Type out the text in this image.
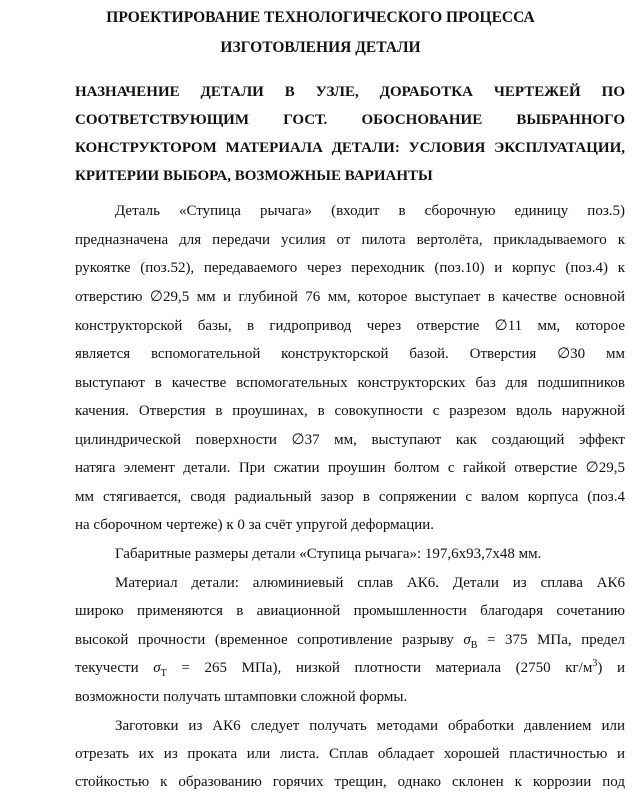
ПРОЕКТИРОВАНИЕ ТЕХНОЛОГИЧЕСКОГО ПРОЦЕССА
ИЗГОТОВЛЕНИЯ ДЕТАЛИ
НАЗНАЧЕНИЕ ДЕТАЛИ В УЗЛЕ, ДОРАБОТКА ЧЕРТЕЖЕЙ ПО
СООТВЕТСТВУЮЩИМ ГОСТ. ОБОСНОВАНИЕ ВЫБРАННОГО
КОНСТРУКТОРОМ МАТЕРИАЛА ДЕТАЛИ: УСЛОВИЯ ЭКСПЛУАТАЦИИ,
КРИТЕРИИ ВЫБОРА, ВОЗМОЖНЫЕ ВАРИАНТЫ
Деталь «Ступица рычага» (входит в сборочную единицу поз.5)
предназначена для передачи усилия от пилота вертолёта, прикладываемого к
рукоятке (поз.52), передаваемого через переходник (поз.10) и корпус (поз.4) к
отверстию ∅29,5 мм и глубиной 76 мм, которое выступает в качестве основной
конструкторской базы, в гидропривод через отверстие ∅11 мм, которое
является вспомогательной конструкторской базой. Отверстия ∅30 мм
выступают в качестве вспомогательных конструкторских баз для подшипников
качения. Отверстия в проушинах, в совокупности с разрезом вдоль наружной
цилиндрической поверхности ∅37 мм, выступают как создающий эффект
натяга элемент детали. При сжатии проушин болтом с гайкой отверстие ∅29,5
мм стягивается, сводя радиальный зазор в сопряжении с валом корпуса (поз.4
на сборочном чертеже) к 0 за счёт упругой деформации.
Габаритные размеры детали «Ступица рычага»: 197,6х93,7х48 мм.
Материал детали: алюминиевый сплав АК6. Детали из сплава АК6
широко применяются в авиационной промышленности благодаря сочетанию
высокой прочности (временное сопротивление разрыву $\sigma_В = 375$ МПа, предел
текучести $\sigma_Т = 265$ МПа), низкой плотности материала (2750 $кг/м^3$) и
возможности получать штамповки сложной формы.
Заготовки из АК6 следует получать методами обработки давлением или
отрезать их из проката или листа. Сплав обладает хорошей пластичностью и
стойкостью к образованию горячих трещин, однако склонен к коррозии под
